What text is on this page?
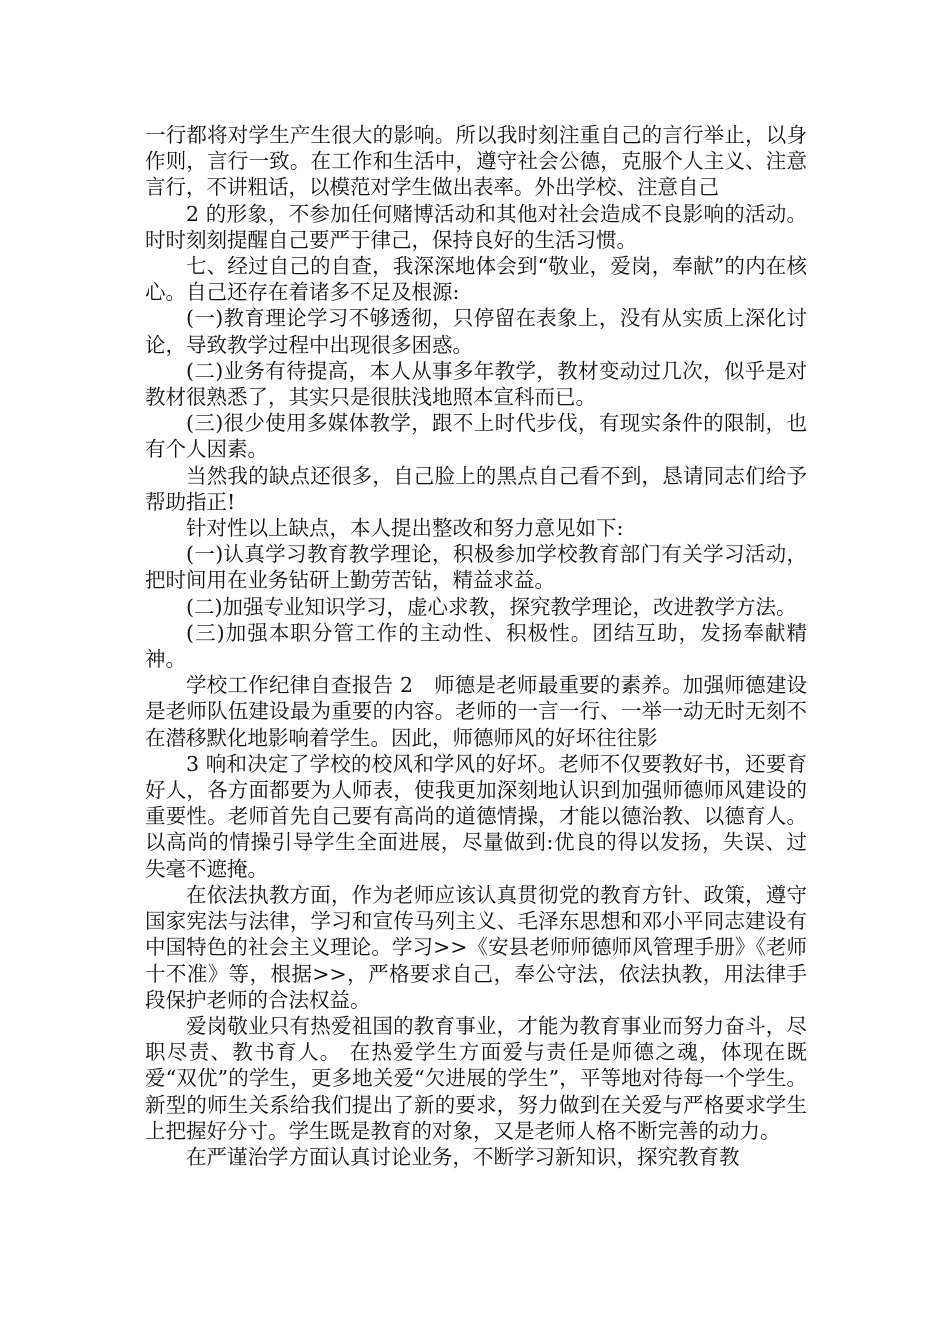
一行都将对学生产生很大的影响。所以我时刻注重自己的言行举止，以身作则，言行一致。在工作和生活中，遵守社会公德，克服个人主义、注意言行，不讲粗话，以模范对学生做出表率。外出学校、注意自己

2 的形象，不参加任何赌博活动和其他对社会造成不良影响的活动。时时刻刻提醒自己要严于律己，保持良好的生活习惯。

七、经过自己的自查，我深深地体会到“敬业，爱岗，奉献”的内在核心。自己还存在着诸多不足及根源:

(一)教育理论学习不够透彻，只停留在表象上，没有从实质上深化讨论，导致教学过程中出现很多困惑。

(二)业务有待提高，本人从事多年教学，教材变动过几次，似乎是对教材很熟悉了，其实只是很肤浅地照本宣科而已。

(三)很少使用多媒体教学，跟不上时代步伐，有现实条件的限制，也有个人因素。

当然我的缺点还很多，自己脸上的黑点自己看不到，恳请同志们给予帮助指正!

针对性以上缺点，本人提出整改和努力意见如下:

(一)认真学习教育教学理论，积极参加学校教育部门有关学习活动，把时间用在业务钻研上勤劳苦钻，精益求益。

(二)加强专业知识学习，虚心求教，探究教学理论，改进教学方法。

(三)加强本职分管工作的主动性、积极性。团结互助，发扬奉献精神。

学校工作纪律自查报告 2　师德是老师最重要的素养。加强师德建设是老师队伍建设最为重要的内容。老师的一言一行、一举一动无时无刻不在潜移默化地影响着学生。因此，师德师风的好坏往往影

3 响和决定了学校的校风和学风的好坏。老师不仅要教好书，还要育好人，各方面都要为人师表，使我更加深刻地认识到加强师德师风建设的重要性。老师首先自己要有高尚的道德情操，才能以德治教、以德育人。以高尚的情操引导学生全面进展，尽量做到:优良的得以发扬，失误、过失毫不遮掩。

在依法执教方面，作为老师应该认真贯彻党的教育方针、政策，遵守国家宪法与法律，学习和宣传马列主义、毛泽东思想和邓小平同志建设有中国特色的社会主义理论。学习>>《安县老师师德师风管理手册》《老师十不准》等，根据>>，严格要求自己，奉公守法，依法执教，用法律手段保护老师的合法权益。

爱岗敬业只有热爱祖国的教育事业，才能为教育事业而努力奋斗，尽职尽责、教书育人。 在热爱学生方面爱与责任是师德之魂，体现在既爱“双优”的学生，更多地关爱“欠进展的学生”，平等地对待每一个学生。新型的师生关系给我们提出了新的要求，努力做到在关爱与严格要求学生上把握好分寸。学生既是教育的对象，又是老师人格不断完善的动力。

在严谨治学方面认真讨论业务，不断学习新知识，探究教育教
